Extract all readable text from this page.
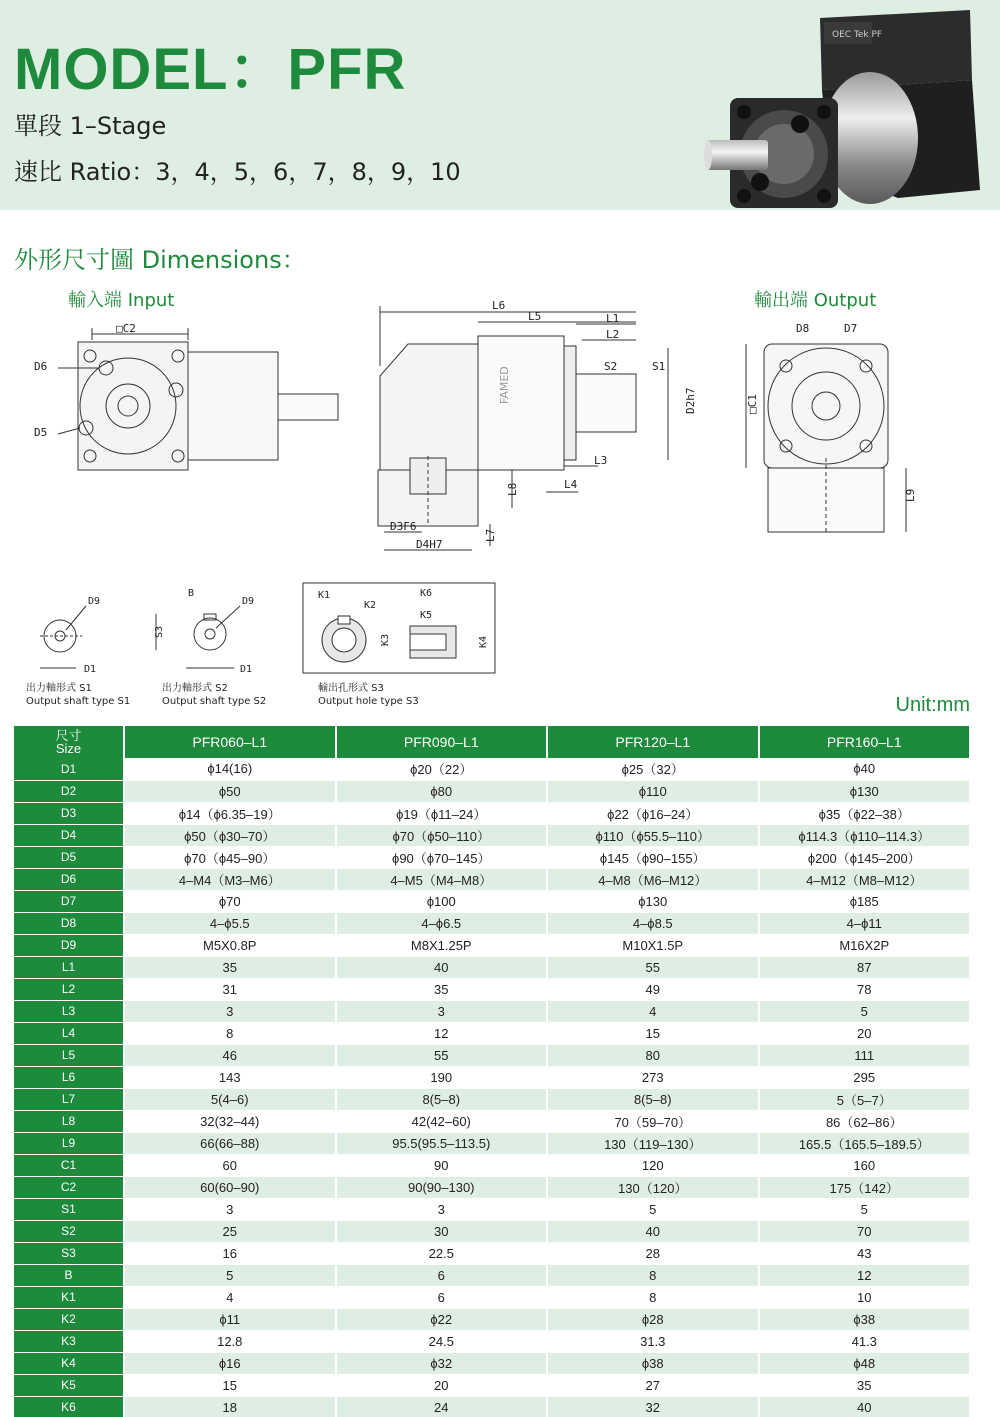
MODEL：PFR
單段 1–Stage
速比 Ratio：3，4，5，6，7，8，9，10
OEC Tek PF
外形尺寸圖 Dimensions：
輸入端 Input	輸出端 Output
□C2
D6
D5
L6
L5	L1
L2
S2	S1
D2h7
FAMED
L3
L4
L8
L7
D3F6
D4H7
D8	D7
□C1
L9
D9
D1
B
D9
S3
D1
K1
K2
K3
K6
K5
K4
出力軸形式 S1
Output shaft type S1
出力軸形式 S2
Output shaft type S2
輸出孔形式 S3
Output hole type S3	Unit:mm
尺寸
Size	PFR060–L1	PFR090–L1	PFR120–L1	PFR160–L1
D1	ϕ14(16)	ϕ20（22）	ϕ25（32）	ϕ40
D2	ϕ50	ϕ80	ϕ110	ϕ130
D3	ϕ14（ϕ6.35–19）	ϕ19（ϕ11–24）	ϕ22（ϕ16–24）	ϕ35（ϕ22–38）
D4	ϕ50（ϕ30–70）	ϕ70（ϕ50–110）	ϕ110（ϕ55.5–110）	ϕ114.3（ϕ110–114.3）
D5	ϕ70（ϕ45–90）	ϕ90（ϕ70–145）	ϕ145（ϕ90–155）	ϕ200（ϕ145–200）
D6	4–M4（M3–M6）	4–M5（M4–M8）	4–M8（M6–M12）	4–M12（M8–M12）
D7	ϕ70	ϕ100	ϕ130	ϕ185
D8	4–ϕ5.5	4–ϕ6.5	4–ϕ8.5	4–ϕ11
D9	M5X0.8P	M8X1.25P	M10X1.5P	M16X2P
L1	35	40	55	87
L2	31	35	49	78
L3	3	3	4	5
L4	8	12	15	20
L5	46	55	80	111
L6	143	190	273	295
L7	5(4–6)	8(5–8)	8(5–8)	5（5–7）
L8	32(32–44)	42(42–60)	70（59–70）	86（62–86）
L9	66(66–88)	95.5(95.5–113.5)	130（119–130）	165.5（165.5–189.5）
C1	60	90	120	160
C2	60(60–90)	90(90–130)	130（120）	175（142）
S1	3	3	5	5
S2	25	30	40	70
S3	16	22.5	28	43
B	5	6	8	12
K1	4	6	8	10
K2	ϕ11	ϕ22	ϕ28	ϕ38
K3	12.8	24.5	31.3	41.3
K4	ϕ16	ϕ32	ϕ38	ϕ48
K5	15	20	27	35
K6	18	24	32	40
